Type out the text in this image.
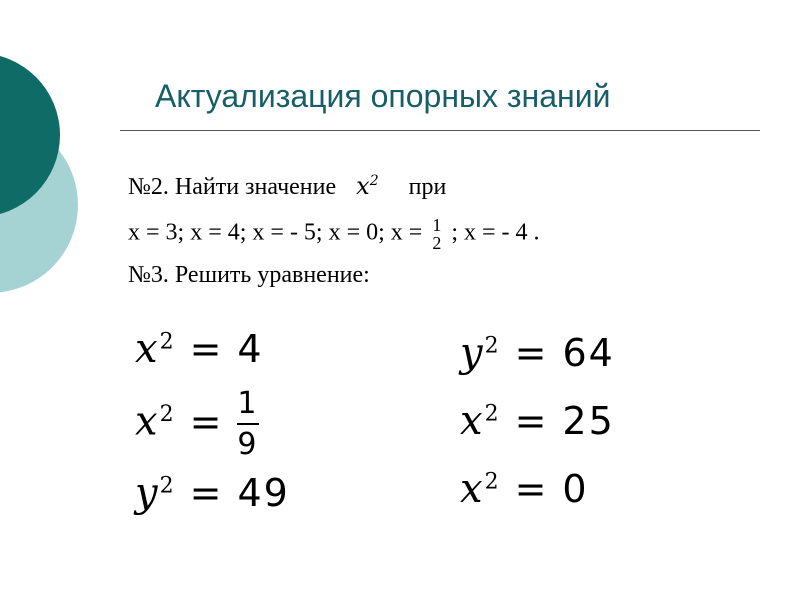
Актуализация опорных знаний
№2. Найти значение $x^2$ при
x = 3; x = 4; x = - 5; x = 0; x = 1
2 ; x = - 4 .
№3. Решить уравнение:
$x^2 = 4$	$y^2 = 64$
$x^2 = \frac{1}{9}$	$x^2 = 25$
$y^2 = 49$	$x^2 = 0$
